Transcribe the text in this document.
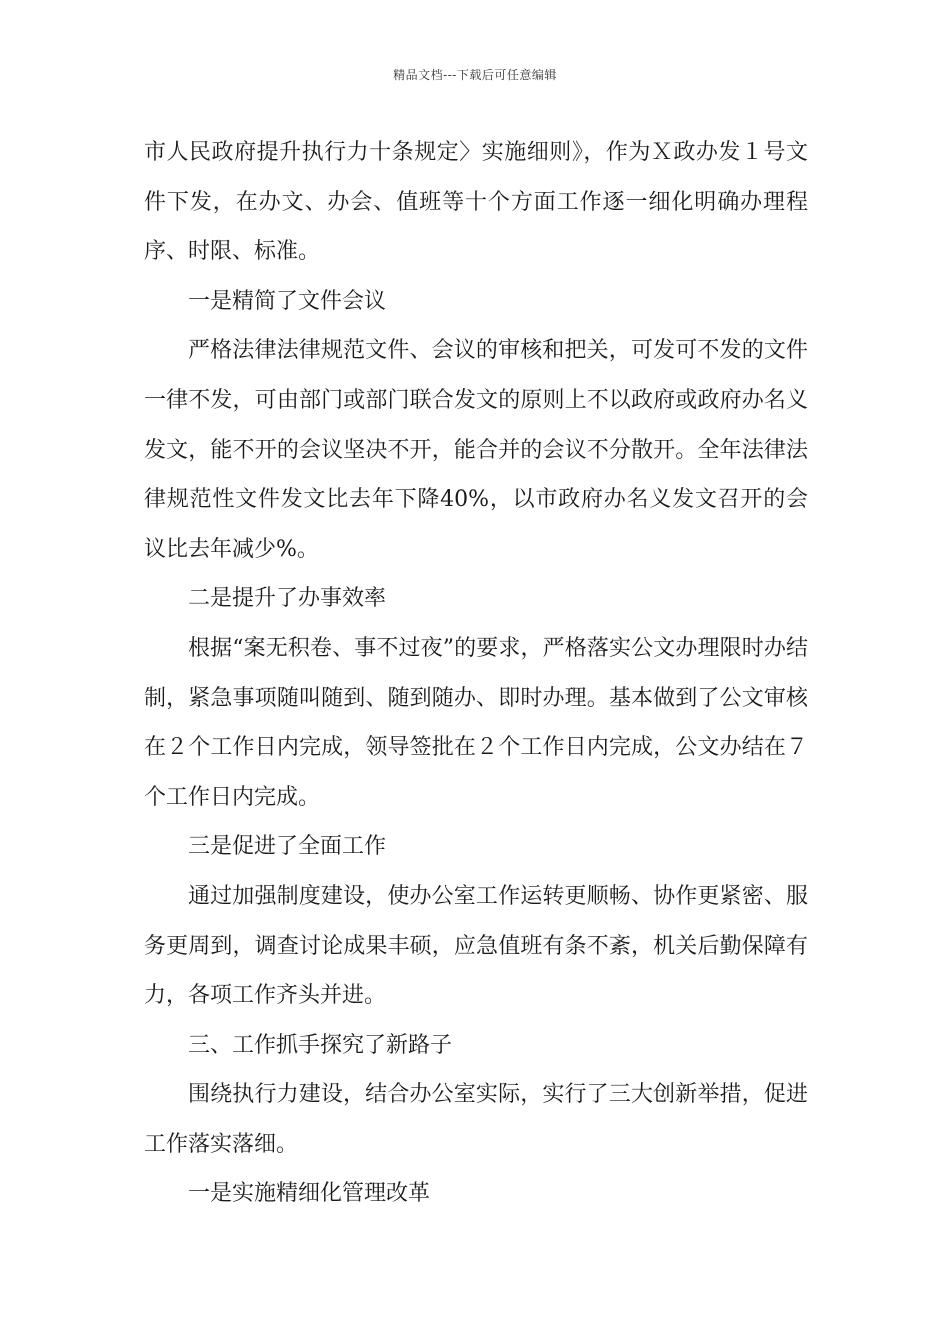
精品文档---下载后可任意编辑

市人民政府提升执行力十条规定〉实施细则》，作为Ｘ政办发１号文件下发，在办文、办会、值班等十个方面工作逐一细化明确办理程序、时限、标准。

一是精简了文件会议

严格法律法律规范文件、会议的审核和把关，可发可不发的文件一律不发，可由部门或部门联合发文的原则上不以政府或政府办名义发文，能不开的会议坚决不开，能合并的会议不分散开。全年法律法律规范性文件发文比去年下降40%，以市政府办名义发文召开的会议比去年减少%。

二是提升了办事效率

根据“案无积卷、事不过夜”的要求，严格落实公文办理限时办结制，紧急事项随叫随到、随到随办、即时办理。基本做到了公文审核在２个工作日内完成，领导签批在２个工作日内完成，公文办结在７个工作日内完成。

三是促进了全面工作

通过加强制度建设，使办公室工作运转更顺畅、协作更紧密、服务更周到，调查讨论成果丰硕，应急值班有条不紊，机关后勤保障有力，各项工作齐头并进。

三、工作抓手探究了新路子

围绕执行力建设，结合办公室实际，实行了三大创新举措，促进工作落实落细。

一是实施精细化管理改革
